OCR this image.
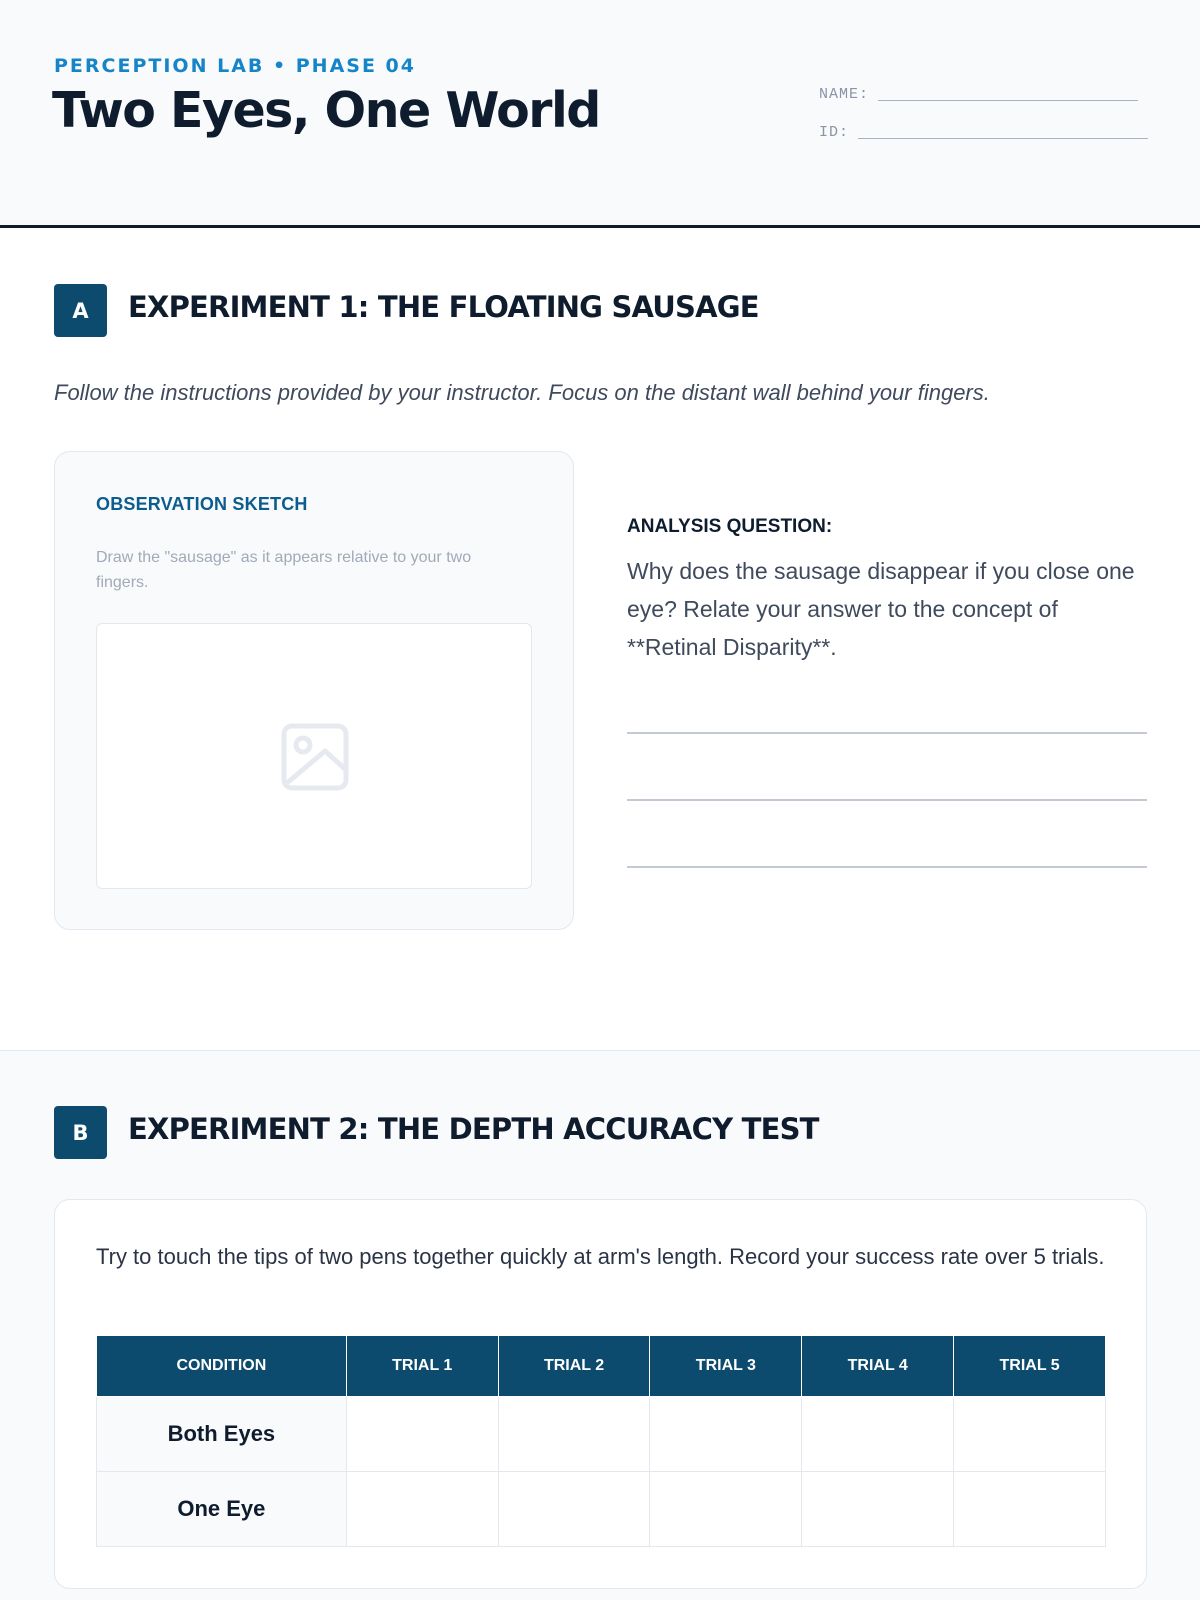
PERCEPTION LAB • PHASE 04
Two Eyes, One World	NAME:
ID:
A	EXPERIMENT 1: THE FLOATING SAUSAGE
Follow the instructions provided by your instructor. Focus on the distant wall behind your fingers.
OBSERVATION SKETCH
Draw the "sausage" as it appears relative to your two fingers.
ANALYSIS QUESTION:
Why does the sausage disappear if you close one eye? Relate your answer to the concept of **Retinal Disparity**.
B	EXPERIMENT 2: THE DEPTH ACCURACY TEST
Try to touch the tips of two pens together quickly at arm's length. Record your success rate over 5 trials.
CONDITION	TRIAL 1	TRIAL 2	TRIAL 3	TRIAL 4	TRIAL 5
Both Eyes					
One Eye					
